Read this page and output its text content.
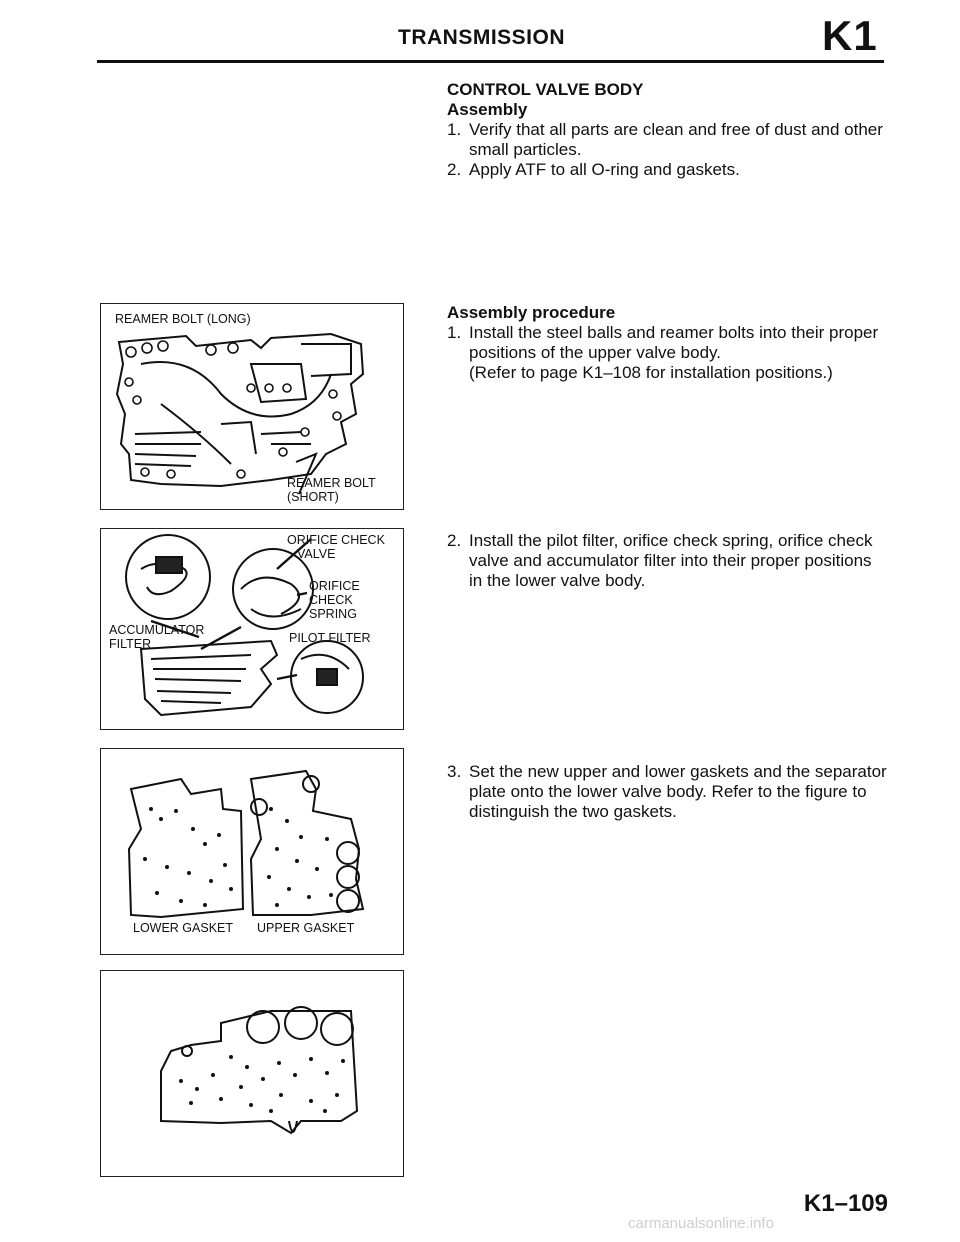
TRANSMISSION	K1
CONTROL VALVE BODY
Assembly
1. Verify that all parts are clean and free of dust and other small particles.
2. Apply ATF to all O-ring and gaskets.
Assembly procedure
1. Install the steel balls and reamer bolts into their proper positions of the upper valve body.
(Refer to page K1–108 for installation positions.)
2. Install the pilot filter, orifice check spring, orifice check valve and accumulator filter into their proper positions in the lower valve body.
3. Set the new upper and lower gaskets and the separator plate onto the lower valve body. Refer to the figure to distinguish the two gaskets.
REAMER BOLT (LONG)
REAMER BOLT
(SHORT)
ORIFICE CHECK
VALVE
ORIFICE
CHECK
SPRING
ACCUMULATOR
FILTER	PILOT FILTER
LOWER GASKET UPPER GASKET
K1–109
carmanualsonline.info
